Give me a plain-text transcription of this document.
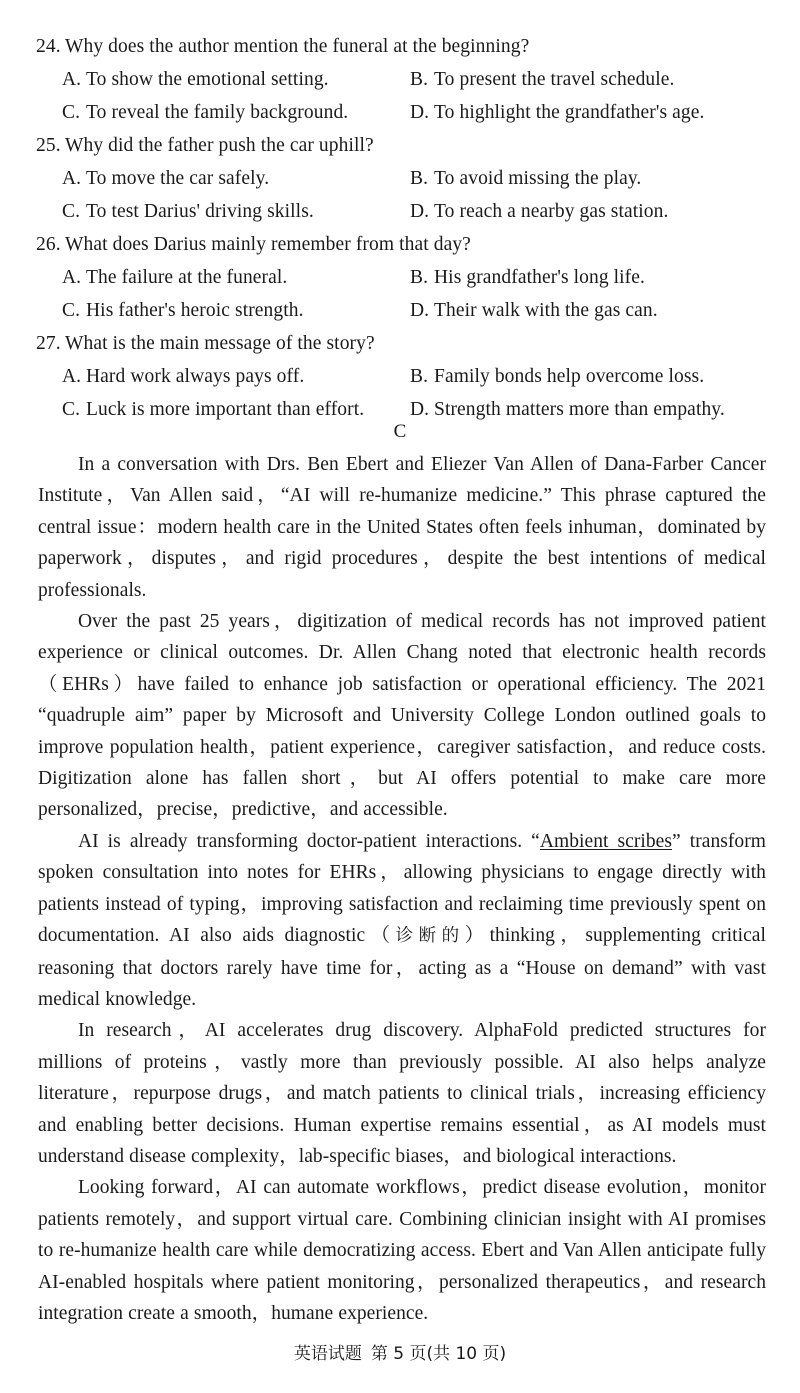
24. Why does the author mention the funeral at the beginning?
A. To show the emotional setting.	B. To present the travel schedule.
C. To reveal the family background.	D. To highlight the grandfather's age.
25. Why did the father push the car uphill?
A. To move the car safely.	B. To avoid missing the play.
C. To test Darius' driving skills.	D. To reach a nearby gas station.
26. What does Darius mainly remember from that day?
A. The failure at the funeral.	B. His grandfather's long life.
C. His father's heroic strength.	D. Their walk with the gas can.
27. What is the main message of the story?
A. Hard work always pays off.	B. Family bonds help overcome loss.
C. Luck is more important than effort.	D. Strength matters more than empathy.
C

In a conversation with Drs. Ben Ebert and Eliezer Van Allen of Dana-Farber Cancer Institute，Van Allen said，“AI will re-humanize medicine.” This phrase captured the central issue：modern health care in the United States often feels inhuman，dominated by paperwork，disputes，and rigid procedures，despite the best intentions of medical professionals.

Over the past 25 years，digitization of medical records has not improved patient experience or clinical outcomes. Dr. Allen Chang noted that electronic health records（EHRs）have failed to enhance job satisfaction or operational efficiency. The 2021 “quadruple aim” paper by Microsoft and University College London outlined goals to improve population health，patient experience，caregiver satisfaction，and reduce costs. Digitization alone has fallen short，but AI offers potential to make care more personalized，precise，predictive，and accessible.

AI is already transforming doctor-patient interactions. “Ambient scribes” transform spoken consultation into notes for EHRs，allowing physicians to engage directly with patients instead of typing，improving satisfaction and reclaiming time previously spent on documentation. AI also aids diagnostic（诊断的）thinking，supplementing critical reasoning that doctors rarely have time for，acting as a “House on demand” with vast medical knowledge.

In research，AI accelerates drug discovery. AlphaFold predicted structures for millions of proteins，vastly more than previously possible. AI also helps analyze literature，repurpose drugs，and match patients to clinical trials，increasing efficiency and enabling better decisions. Human expertise remains essential，as AI models must understand disease complexity，lab-specific biases，and biological interactions.

Looking forward，AI can automate workflows，predict disease evolution，monitor patients remotely，and support virtual care. Combining clinician insight with AI promises to re-humanize health care while democratizing access. Ebert and Van Allen anticipate fully AI-enabled hospitals where patient monitoring，personalized therapeutics，and research integration create a smooth，humane experience.

英语试题 第 5 页(共 10 页)
